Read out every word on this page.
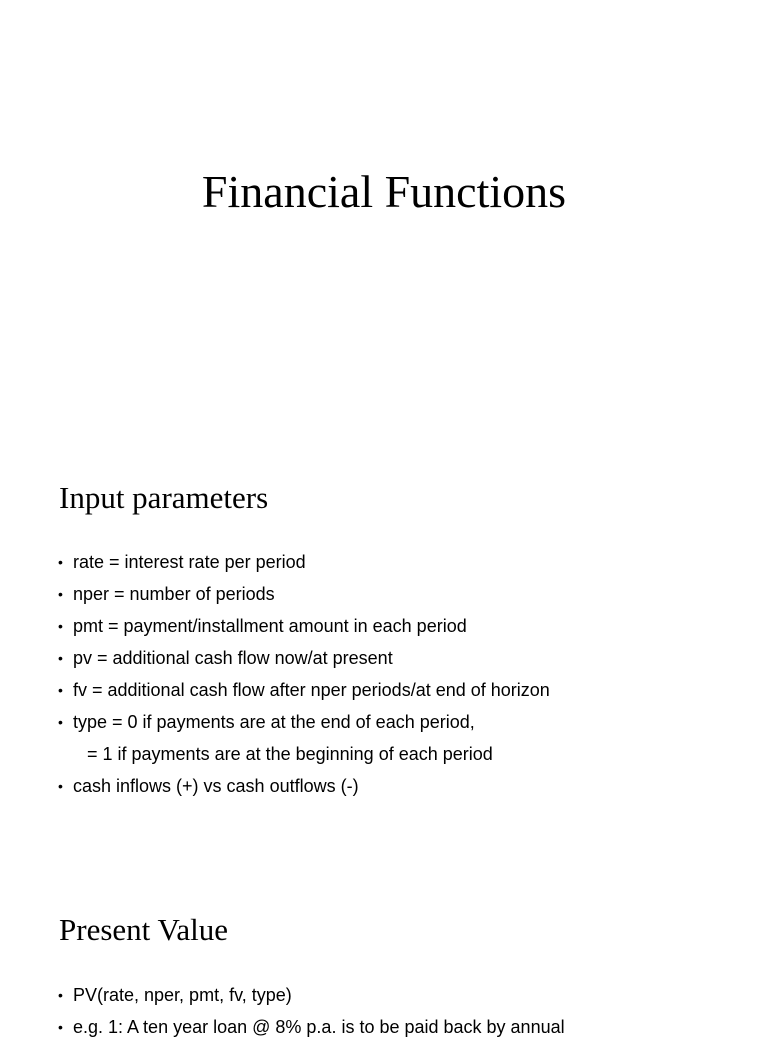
Financial Functions
Input parameters
• rate = interest rate per period
• nper = number of periods
• pmt = payment/installment amount in each period
• pv = additional cash flow now/at present
• fv = additional cash flow after nper periods/at end of horizon
• type = 0 if payments are at the end of each period,
= 1 if payments are at the beginning of each period
• cash inflows (+) vs cash outflows (-)
Present Value
• PV(rate, nper, pmt, fv, type)
• e.g. 1: A ten year loan @ 8% p.a. is to be paid back by annual
